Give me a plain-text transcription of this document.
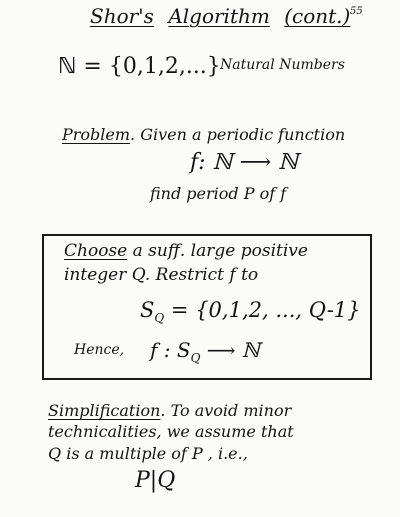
55
Shor's Algorithm (cont.)
ℕ = {0,1,2,...} Natural Numbers
Problem. Given a periodic function
f: ℕ ⟶ ℕ
find period P of f
Choose a suff. large positive
integer Q. Restrict f to
$S_Q = \{0,1,2$, ..., Q-1}
Hence, f : $S_Q$ ⟶ ℕ
Simplification. To avoid minor
technicalities, we assume that
Q is a multiple of P , i.e.,
P|Q
